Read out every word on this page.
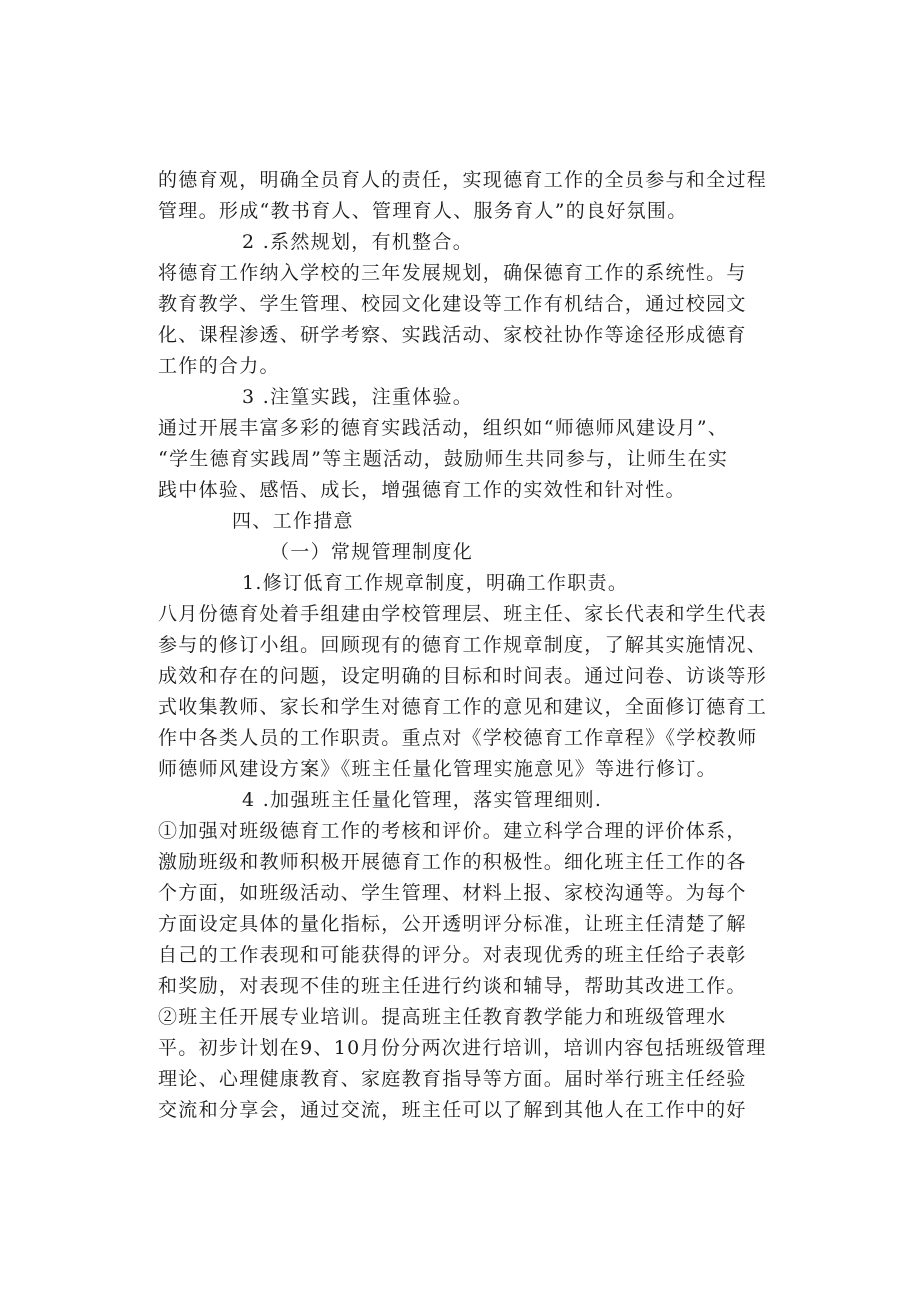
的德育观，明确全员育人的责任，实现德育工作的全员参与和全过程
管理。形成“教书育人、管理育人、服务育人”的良好氛围。
2 .系然规划，有机整合。
将德育工作纳入学校的三年发展规划，确保德育工作的系统性。与
教育教学、学生管理、校园文化建设等工作有机结合，通过校园文
化、课程渗透、研学考察、实践活动、家校社协作等途径形成德育
工作的合力。
3 .注篁实践，注重体验。
通过开展丰富多彩的德育实践活动，组织如“师德师风建设月”、
“学生德育实践周”等主题活动，鼓励师生共同参与，让师生在实
践中体验、感悟、成长，增强德育工作的实效性和针对性。
四、工作措意
（一）常规管理制度化
1.修订低育工作规章制度，明确工作职责。
八月份德育处着手组建由学校管理层、班主任、家长代表和学生代表
参与的修订小组。回顾现有的德育工作规章制度，了解其实施情况、
成效和存在的问题，设定明确的目标和时间表。通过问卷、访谈等形
式收集教师、家长和学生对德育工作的意见和建议，全面修订德育工
作中各类人员的工作职责。重点对《学校德育工作章程》《学校教师
师德师风建设方案》《班主任量化管理实施意见》等进行修订。
4 .加强班主任量化管理，落实管理细则.
①加强对班级德育工作的考核和评价。建立科学合理的评价体系，
激励班级和教师积极开展德育工作的积极性。细化班主任工作的各
个方面，如班级活动、学生管理、材料上报、家校沟通等。为每个
方面设定具体的量化指标，公开透明评分标准，让班主任清楚了解
自己的工作表现和可能获得的评分。对表现优秀的班主任给子表彰
和奖励，对表现不佳的班主任进行约谈和辅导，帮助其改进工作。
②班主任开展专业培训。提高班主任教育教学能力和班级管理水
平。初步计划在9、10月份分两次进行培训，培训内容包括班级管理
理论、心理健康教育、家庭教育指导等方面。届时举行班主任经验
交流和分享会，通过交流，班主任可以了解到其他人在工作中的好
